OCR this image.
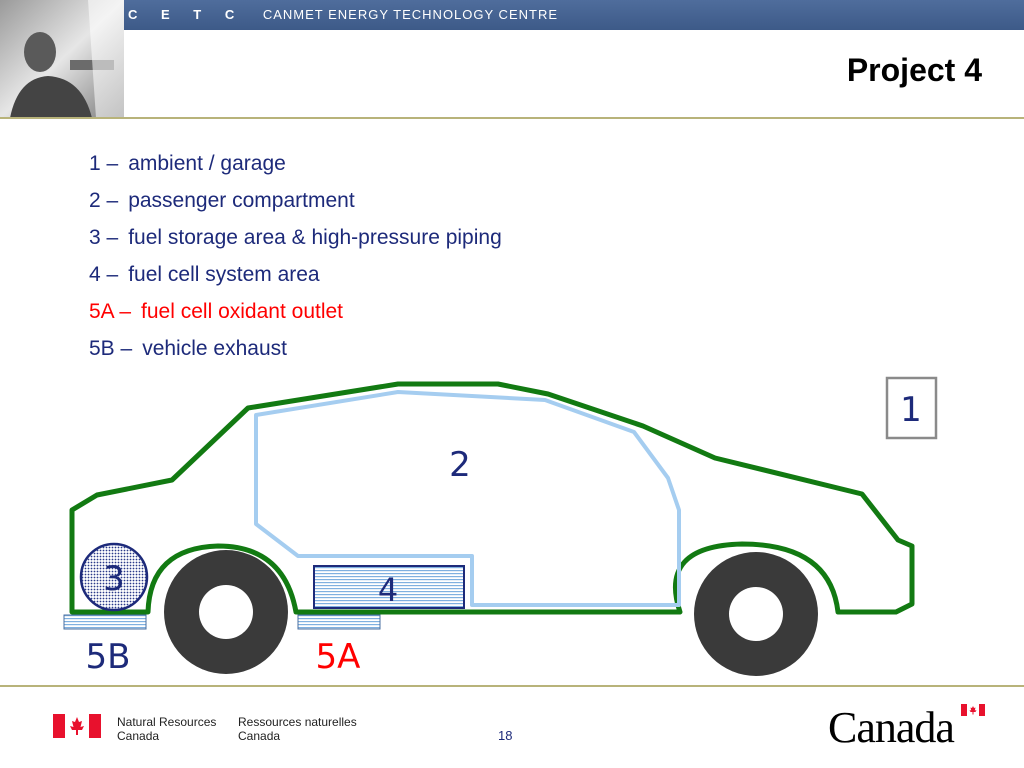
C E T C CANMET ENERGY TECHNOLOGY CENTRE
Project 4
1 – ambient / garage
2 – passenger compartment
3 – fuel storage area & high-pressure piping
4 – fuel cell system area
5A – fuel cell oxidant outlet
5B – vehicle exhaust
4
3
2
1
5B	5A
Natural Resources
Canada
Ressources naturelles
Canada	18	Canada
